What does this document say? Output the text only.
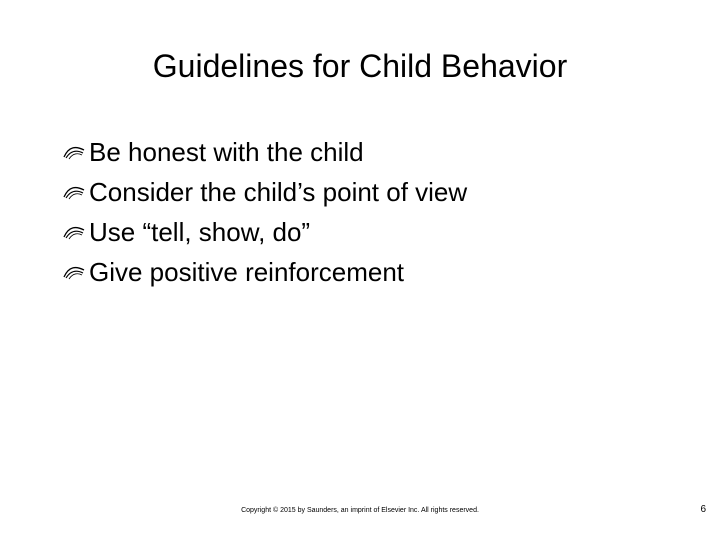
Guidelines for Child Behavior
Be honest with the child
Consider the child’s point of view
Use “tell, show, do”
Give positive reinforcement
Copyright © 2015 by Saunders, an imprint of Elsevier Inc. All rights reserved.	6
